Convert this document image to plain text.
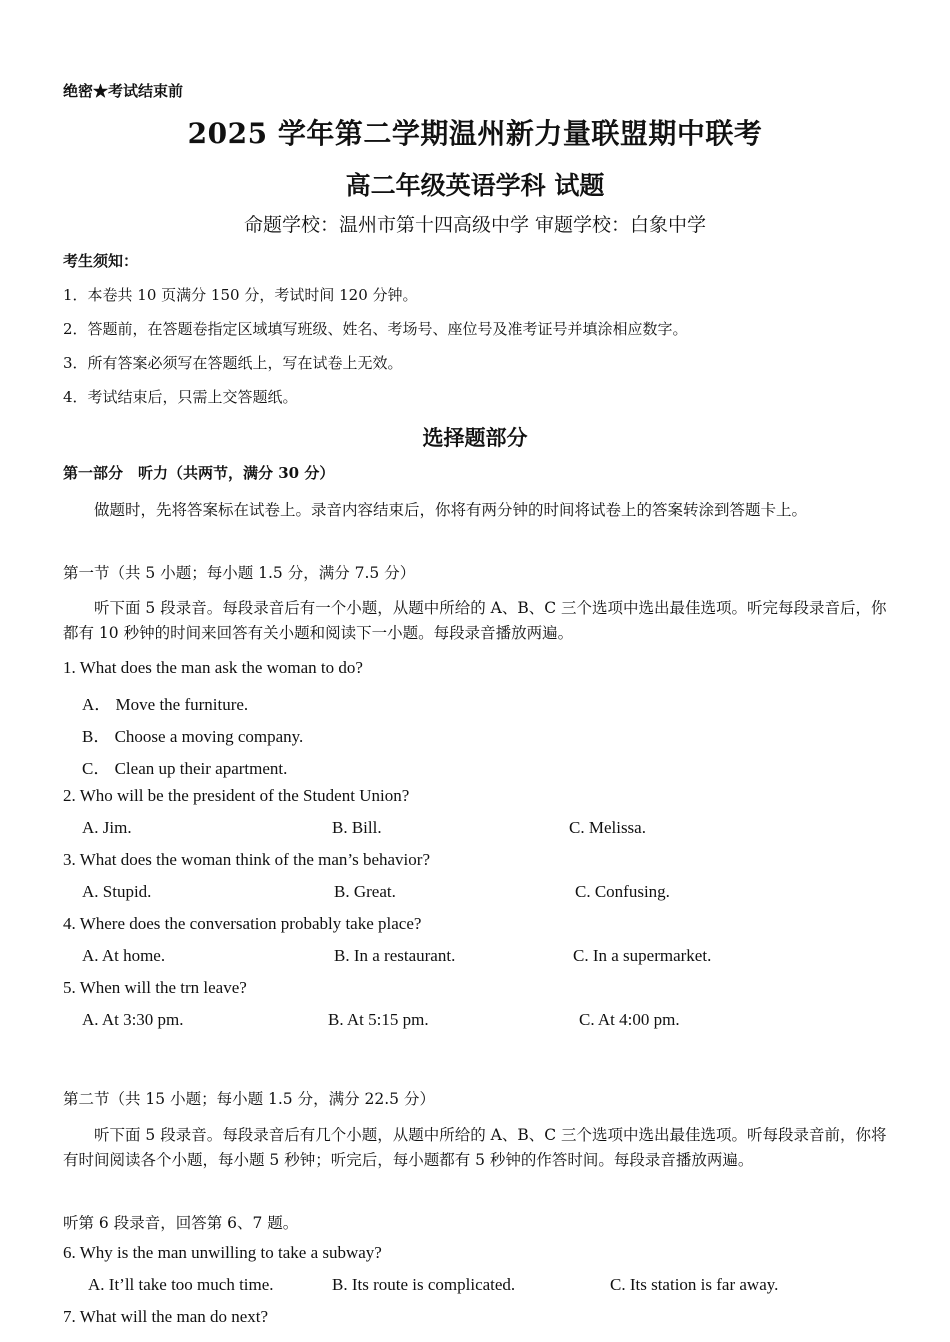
绝密★考试结束前
2025 学年第二学期温州新力量联盟期中联考
高二年级英语学科 试题
命题学校：温州市第十四高级中学 审题学校：白象中学
考生须知：
1．本卷共 10 页满分 150 分，考试时间 120 分钟。
2．答题前，在答题卷指定区域填写班级、姓名、考场号、座位号及准考证号并填涂相应数字。
3．所有答案必须写在答题纸上，写在试卷上无效。
4．考试结束后，只需上交答题纸。
选择题部分
第一部分　听力（共两节，满分 30 分）
做题时，先将答案标在试卷上。录音内容结束后，你将有两分钟的时间将试卷上的答案转涂到答题卡上。
第一节（共 5 小题；每小题 1.5 分，满分 7.5 分）
听下面 5 段录音。每段录音后有一个小题，从题中所给的 A、B、C 三个选项中选出最佳选项。听完每段录音后，你都有 10 秒钟的时间来回答有关小题和阅读下一小题。每段录音播放两遍。
1. What does the man ask the woman to do?
A． Move the furniture.
B． Choose a moving company.
C． Clean up their apartment.
2. Who will be the president of the Student Union?
A. Jim.	B. Bill.	C. Melissa.
3. What does the woman think of the man’s behavior?
A. Stupid.	B. Great.	C. Confusing.
4. Where does the conversation probably take place?
A. At home.	B. In a restaurant.	C. In a supermarket.
5. When will the trn leave?
A. At 3:30 pm.	B. At 5:15 pm.	C. At 4:00 pm.
第二节（共 15 小题；每小题 1.5 分，满分 22.5 分）
听下面 5 段录音。每段录音后有几个小题，从题中所给的 A、B、C 三个选项中选出最佳选项。听每段录音前，你将有时间阅读各个小题，每小题 5 秒钟；听完后，每小题都有 5 秒钟的作答时间。每段录音播放两遍。
听第 6 段录音，回答第 6、7 题。
6. Why is the man unwilling to take a subway?
A. It’ll take too much time.	B. Its route is complicated.	C. Its station is far away.
7. What will the man do next?
